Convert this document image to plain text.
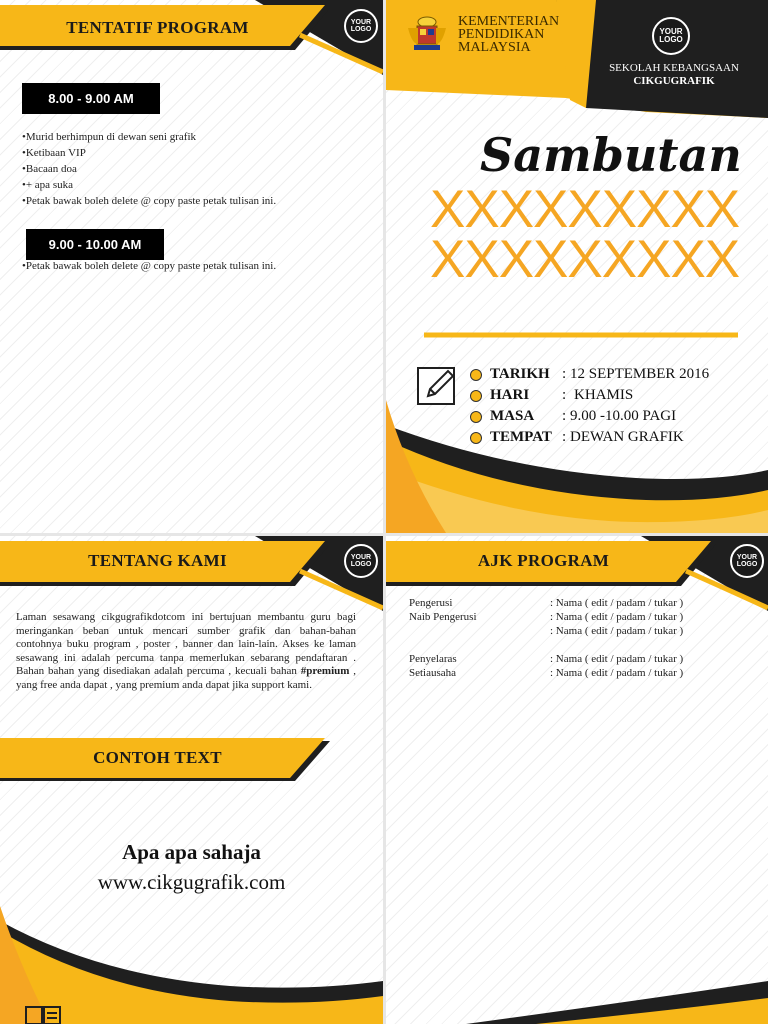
TENTATIF PROGRAM	YOUR LOGO
8.00 - 9.00 AM
•Murid berhimpun di dewan seni grafik
•Ketibaan VIP
•Bacaan doa
•+ apa suka
•Petak bawak boleh delete @ copy paste petak tulisan ini.
9.00 - 10.00 AM
•Petak bawak boleh delete @ copy paste petak tulisan ini.
KEMENTERIAN
PENDIDIKAN
MALAYSIA
YOUR LOGO
SEKOLAH KEBANGSAAN
CIKGUGRAFIK
Sambutan
XXXXXXXXX
XXXXXXXXX
TARIKH : 12 SEPTEMBER 2016
HARI	: KHAMIS
MASA	: 9.00 -10.00 PAGI
TEMPAT : DEWAN GRAFIK
TENTANG KAMI	YOUR LOGO
Laman sesawang cikgugrafikdotcom ini bertujuan membantu guru bagi meringankan beban untuk mencari sumber grafik dan bahan-bahan contohnya buku program , poster , banner dan lain-lain. Akses ke laman sesawang ini adalah percuma tanpa memerlukan sebarang pendaftaran . Bahan bahan yang disediakan adalah percuma , kecuali bahan #premium , yang free anda dapat , yang premium anda dapat jika support kami.
CONTOH TEXT
Apa apa sahaja
www.cikgugrafik.com
AJK PROGRAM	YOUR LOGO
Pengerusi	: Nama ( edit / padam / tukar )
Naib Pengerusi	: Nama ( edit / padam / tukar )
: Nama ( edit / padam / tukar )
Penyelaras	: Nama ( edit / padam / tukar )
Setiausaha	: Nama ( edit / padam / tukar )
